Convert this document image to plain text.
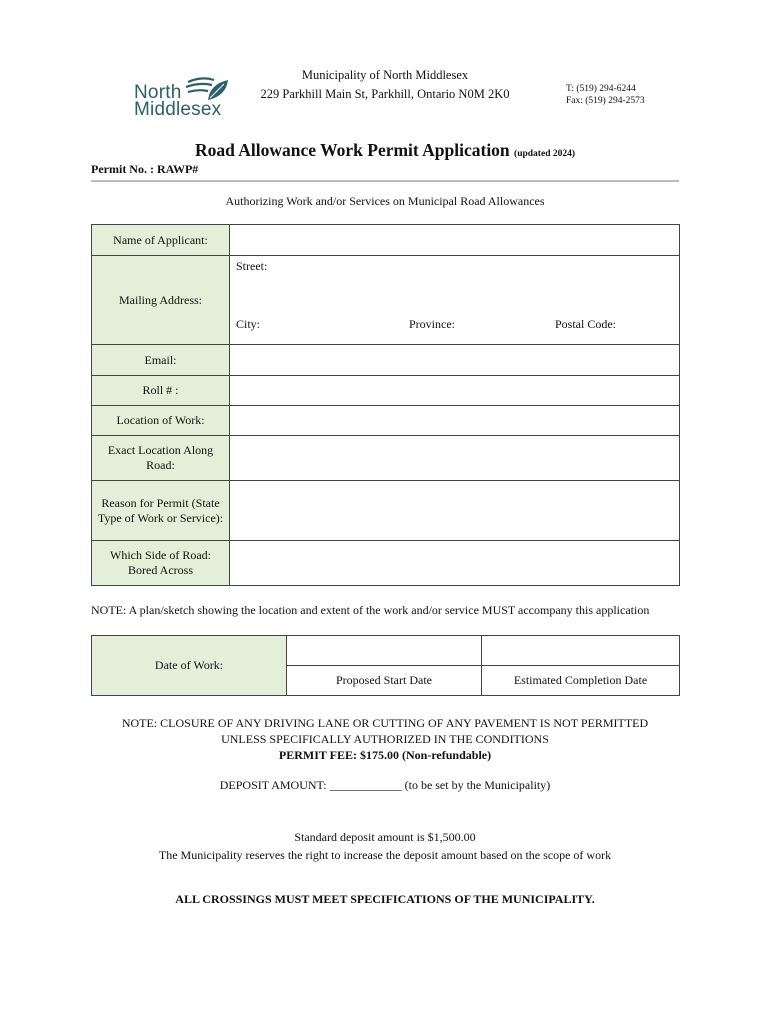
North
Middlesex
Municipality of North Middlesex
229 Parkhill Main St, Parkhill, Ontario N0M 2K0	T: (519) 294-6244
Fax: (519) 294-2573
Road Allowance Work Permit Application (updated 2024)
Permit No. : RAWP#
Authorizing Work and/or Services on Municipal Road Allowances
Name of Applicant:	
Mailing Address:	Street:
City: Province: Postal Code:

Email:	
Roll # :	
Location of Work:	
Exact Location Along Road:	
Reason for Permit (State Type of Work or Service):	
Which Side of Road: Bored Across	
NOTE: A plan/sketch showing the location and extent of the work and/or service MUST accompany this application
Date of Work:		
	Proposed Start Date	Estimated Completion Date
NOTE: CLOSURE OF ANY DRIVING LANE OR CUTTING OF ANY PAVEMENT IS NOT PERMITTED
UNLESS SPECIFICALLY AUTHORIZED IN THE CONDITIONS
PERMIT FEE: $175.00 (Non-refundable)
DEPOSIT AMOUNT: ____________ (to be set by the Municipality)
Standard deposit amount is $1,500.00
The Municipality reserves the right to increase the deposit amount based on the scope of work
ALL CROSSINGS MUST MEET SPECIFICATIONS OF THE MUNICIPALITY.
